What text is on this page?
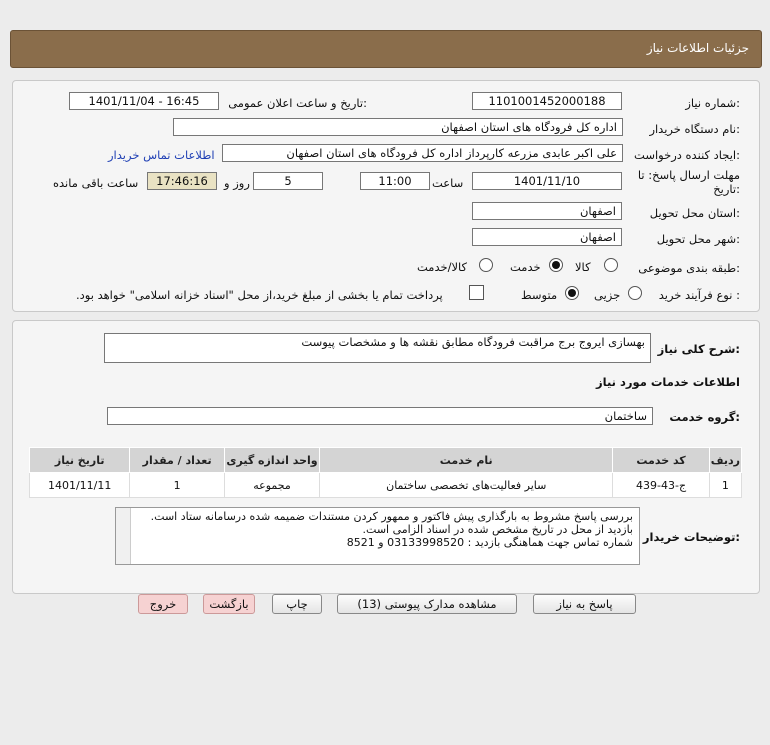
جزئیات اطلاعات نیاز
شماره نیاز:
1101001452000188
تاریخ و ساعت اعلان عمومی:
1401/11/04 - 16:45
نام دستگاه خریدار:
اداره کل فرودگاه های استان اصفهان
ایجاد کننده درخواست:
علی اکبر عابدی مزرعه کارپرداز اداره کل فرودگاه های استان اصفهان
اطلاعات تماس خریدار
مهلت ارسال پاسخ: تا تاریخ:
1401/11/10
ساعت
11:00
5
روز و
17:46:16
ساعت باقی مانده
استان محل تحویل:
اصفهان
شهر محل تحویل:
اصفهان
طبقه بندی موضوعی:
کالا
خدمت
کالا/خدمت
نوع فرآیند خرید :
جزیی
متوسط
پرداخت تمام یا بخشی از مبلغ خرید،از محل "اسناد خزانه اسلامی" خواهد بود.
شرح کلی نیاز:
بهسازی ایروج برج مراقبت فرودگاه مطابق نقشه ها و مشخصات پیوست
اطلاعات خدمات مورد نیاز
گروه خدمت:
ساختمان
تاریخ نیاز	تعداد / مقدار	واحد اندازه گیری	نام خدمت	کد خدمت	ردیف
1401/11/11	1	مجموعه	سایر فعالیت‌های تخصصی ساختمان	ج-43-439	1
توضیحات خریدار:
بررسی پاسخ مشروط به بارگذاری پیش فاکتور و ممهور کردن مستندات ضمیمه شده درسامانه ستاد است.
بازدید از محل در تاریخ مشخص شده در اسناد الزامی است.
شماره تماس جهت هماهنگی بازدید : 03133998520 و 8521
پاسخ به نیاز
مشاهده مدارک پیوستی (13)
چاپ
بازگشت
خروج
